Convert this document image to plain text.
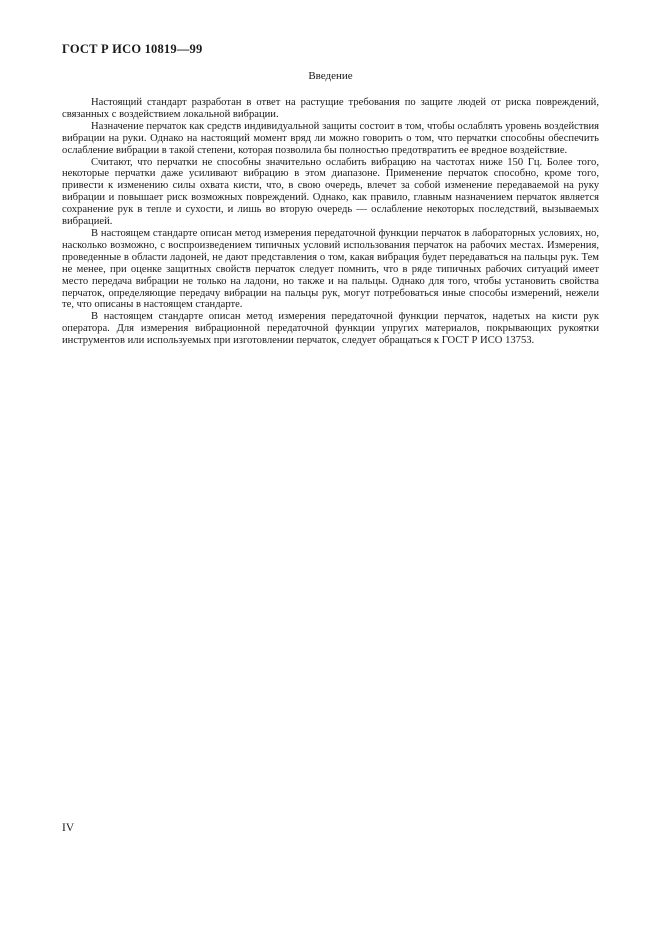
ГОСТ Р ИСО 10819—99
Введение

Настоящий стандарт разработан в ответ на растущие требования по защите людей от риска повреждений, связанных с воздействием локальной вибрации.

Назначение перчаток как средств индивидуальной защиты состоит в том, чтобы ослаблять уровень воздействия вибрации на руки. Однако на настоящий момент вряд ли можно говорить о том, что перчатки способны обеспечить ослабление вибрации в такой степени, которая позволила бы полностью предотвратить ее вредное воздействие.

Считают, что перчатки не способны значительно ослабить вибрацию на частотах ниже 150 Гц. Более того, некоторые перчатки даже усиливают вибрацию в этом диапазоне. Применение перчаток способно, кроме того, привести к изменению силы охвата кисти, что, в свою очередь, влечет за собой изменение передаваемой на руку вибрации и повышает риск возможных повреждений. Однако, как правило, главным назначением перчаток является сохранение рук в тепле и сухости, и лишь во вторую очередь — ослабление некоторых последствий, вызываемых вибрацией.

В настоящем стандарте описан метод измерения передаточной функции перчаток в лабораторных условиях, но, насколько возможно, с воспроизведением типичных условий использования перчаток на рабочих местах. Измерения, проведенные в области ладоней, не дают представления о том, какая вибрация будет передаваться на пальцы рук. Тем не менее, при оценке защитных свойств перчаток следует помнить, что в ряде типичных рабочих ситуаций имеет место передача вибрации не только на ладони, но также и на пальцы. Однако для того, чтобы установить свойства перчаток, определяющие передачу вибрации на пальцы рук, могут потребоваться иные способы измерений, нежели те, что описаны в настоящем стандарте.

В настоящем стандарте описан метод измерения передаточной функции перчаток, надетых на кисти рук оператора. Для измерения вибрационной передаточной функции упругих материалов, покрывающих рукоятки инструментов или используемых при изготовлении перчаток, следует обращаться к ГОСТ Р ИСО 13753.

IV
